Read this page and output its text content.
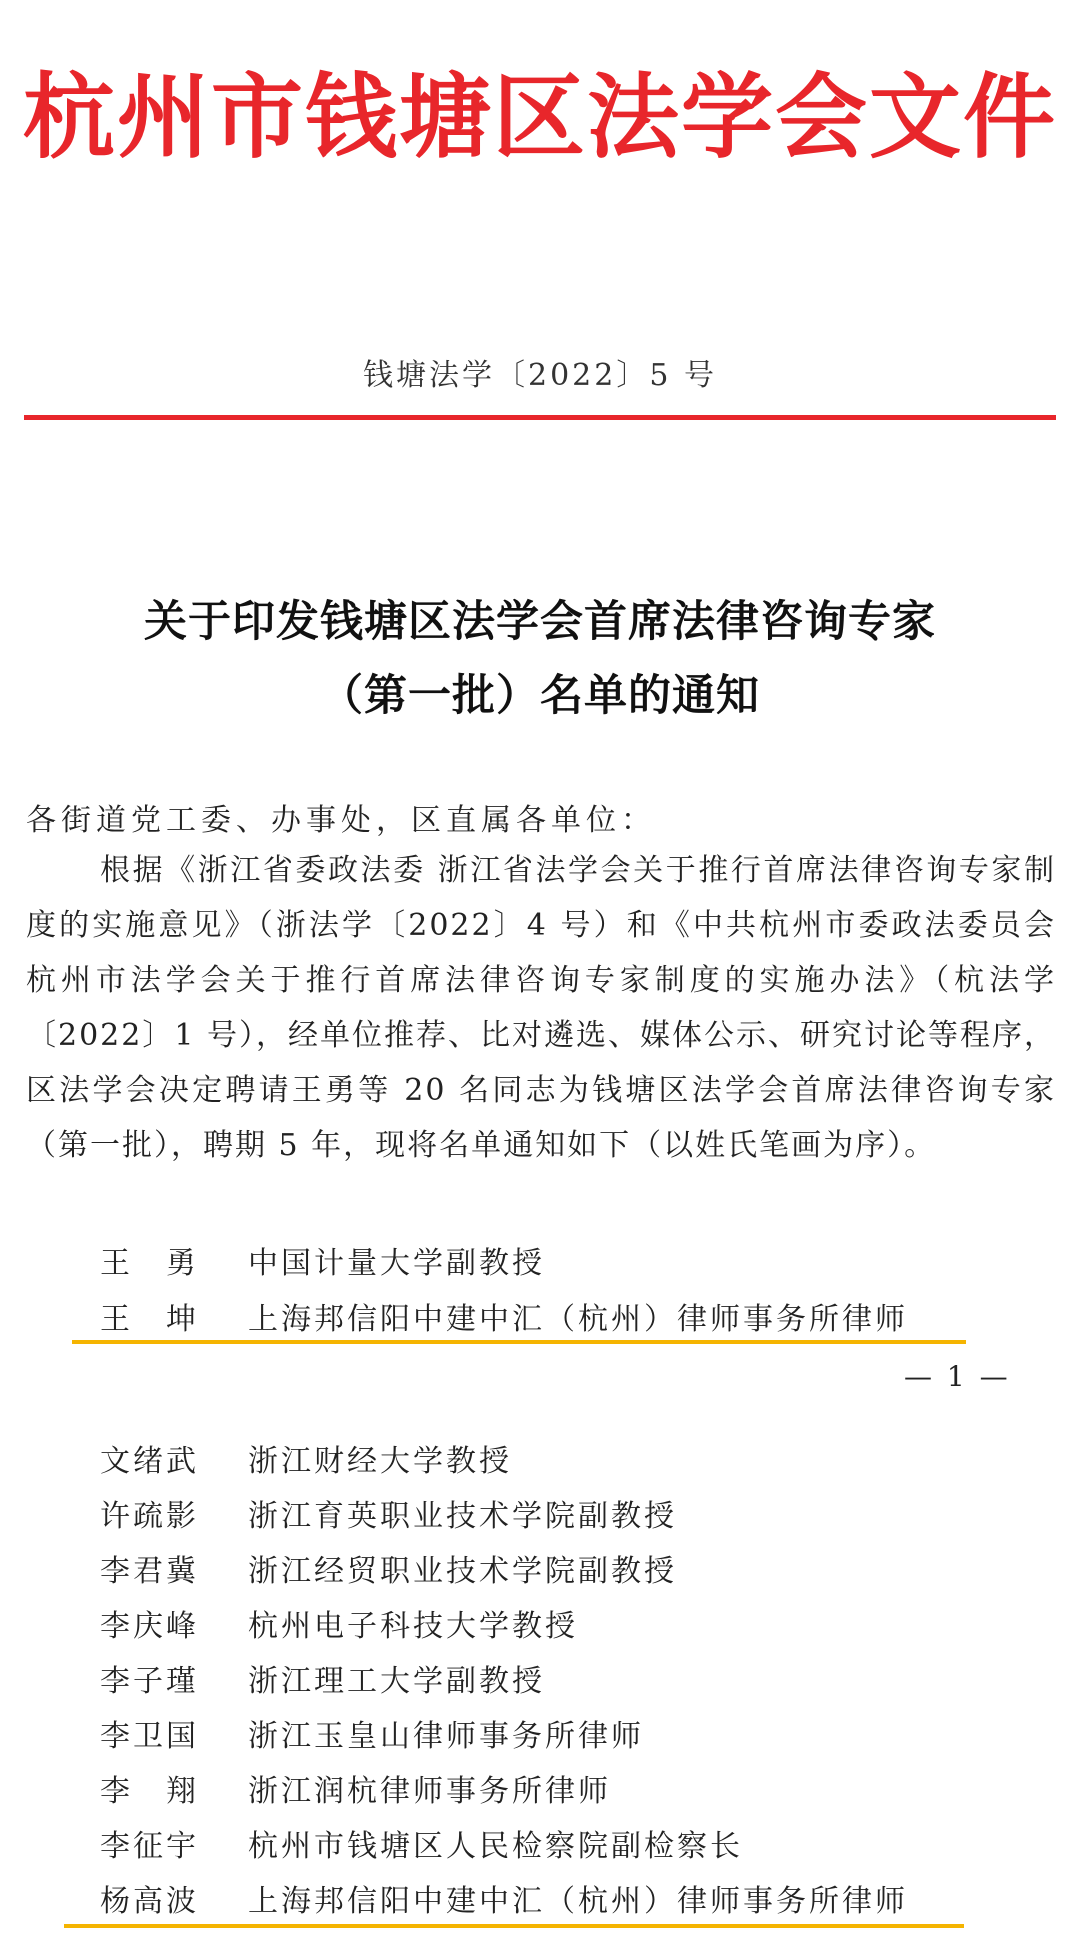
杭州市钱塘区法学会文件
钱塘法学〔2022〕5 号
关于印发钱塘区法学会首席法律咨询专家
（第一批）名单的通知
各街道党工委、办事处，区直属各单位：
根据《浙江省委政法委 浙江省法学会关于推行首席法律咨询专家制度的实施意见》（浙法学〔2022〕4 号）和《中共杭州市委政法委员会 杭州市法学会关于推行首席法律咨询专家制度的实施办法》（杭法学〔2022〕1 号），经单位推荐、比对遴选、媒体公示、研究讨论等程序，区法学会决定聘请王勇等 20 名同志为钱塘区法学会首席法律咨询专家（第一批），聘期 5 年，现将名单通知如下（以姓氏笔画为序）。
王　勇 中国计量大学副教授
王　坤 上海邦信阳中建中汇（杭州）律师事务所律师
— 1 —
文绪武 浙江财经大学教授
许疏影 浙江育英职业技术学院副教授
李君冀 浙江经贸职业技术学院副教授
李庆峰 杭州电子科技大学教授
李子瑾 浙江理工大学副教授
李卫国 浙江玉皇山律师事务所律师
李　翔 浙江润杭律师事务所律师
李征宇 杭州市钱塘区人民检察院副检察长
杨高波 上海邦信阳中建中汇（杭州）律师事务所律师
